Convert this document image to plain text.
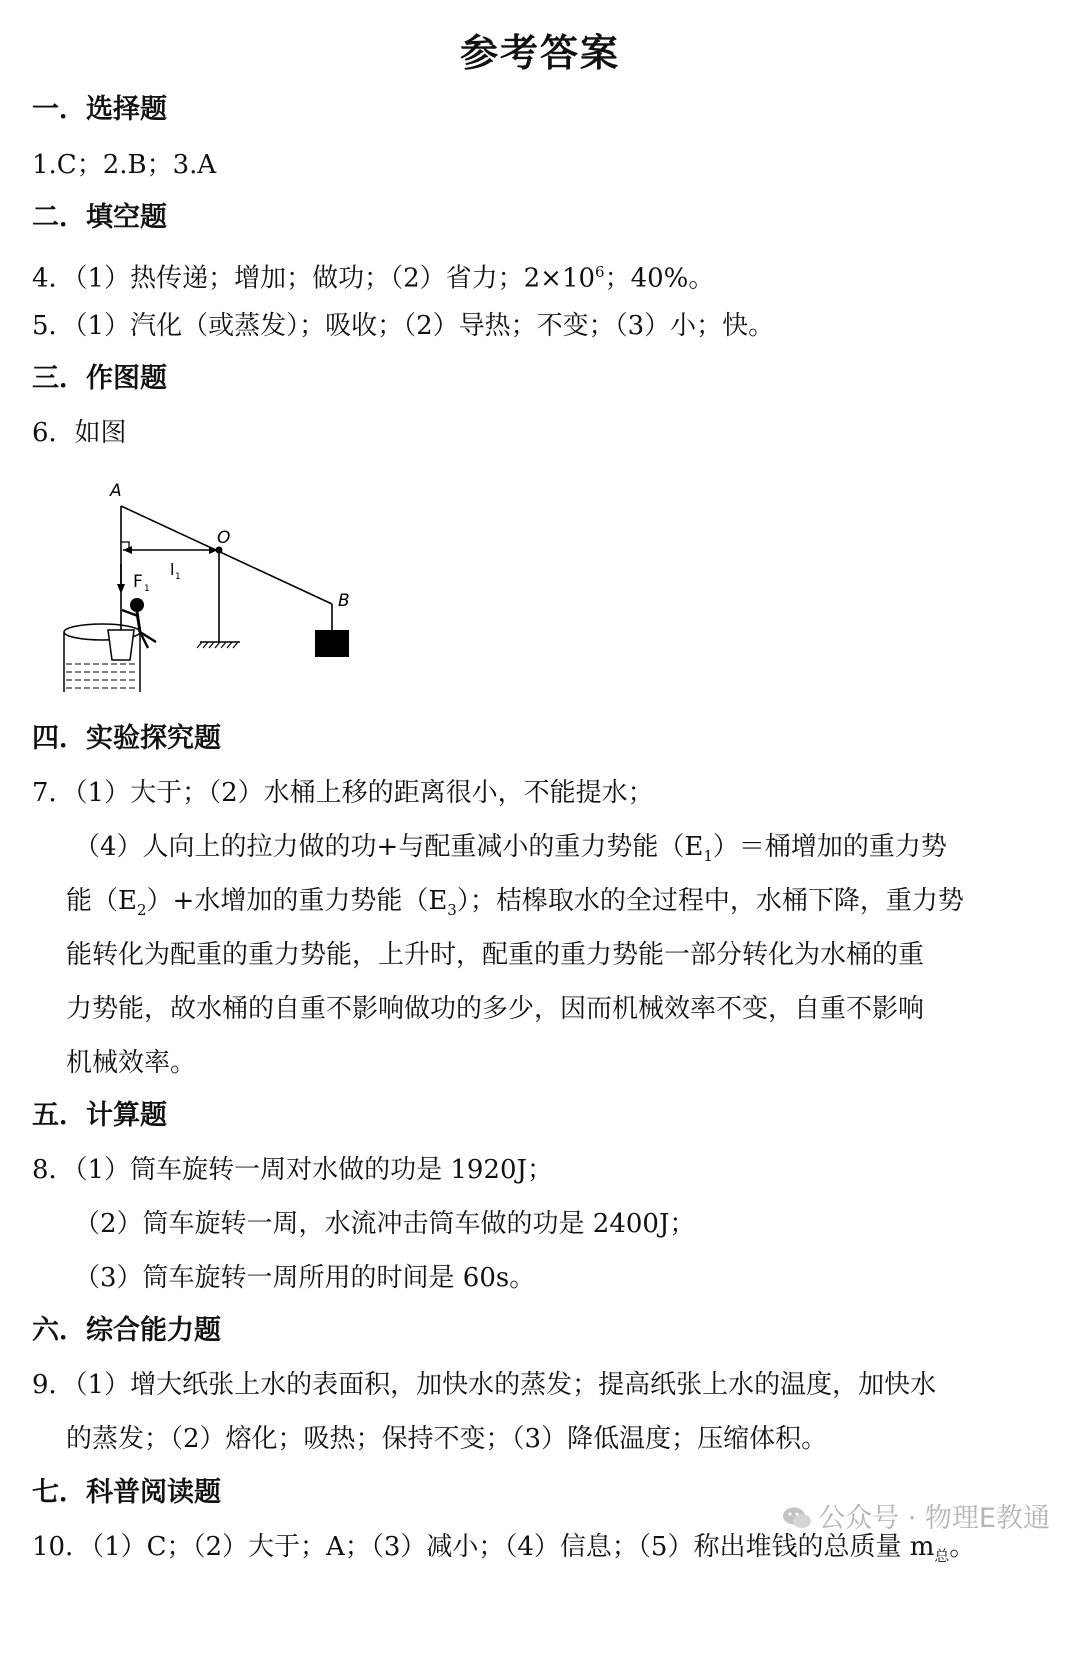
参考答案
一．选择题
1.C；2.B；3.A
二．填空题
4．（1）热传递；增加；做功；（2）省力；$2\times 10^6$；40%。
5．（1）汽化（或蒸发）；吸收；（2）导热；不变；（3）小；快。
三．作图题
6．如图
A
O
B
l 1
F 1
四．实验探究题
7．（1）大于；（2）水桶上移的距离很小，不能提水；
（4）人向上的拉力做的功+与配重减小的重力势能$(E_1)=$桶增加的重力势
能$(E_2)+$水增加的重力势能$(E_3)$；桔槔取水的全过程中，水桶下降，重力势
能转化为配重的重力势能，上升时，配重的重力势能一部分转化为水桶的重
力势能，故水桶的自重不影响做功的多少，因而机械效率不变，自重不影响
机械效率。
五．计算题
8．（1）筒车旋转一周对水做的功是 1920J；
（2）筒车旋转一周，水流冲击筒车做的功是 2400J；
（3）筒车旋转一周所用的时间是 60s。
六．综合能力题
9．（1）增大纸张上水的表面积，加快水的蒸发；提高纸张上水的温度，加快水
的蒸发；（2）熔化；吸热；保持不变；（3）降低温度；压缩体积。
七．科普阅读题
10．（1）C；（2）大于；A；（3）减小；（4）信息；（5）称出堆钱的总质量 $m_总$。
公众号 · 物理E教通
